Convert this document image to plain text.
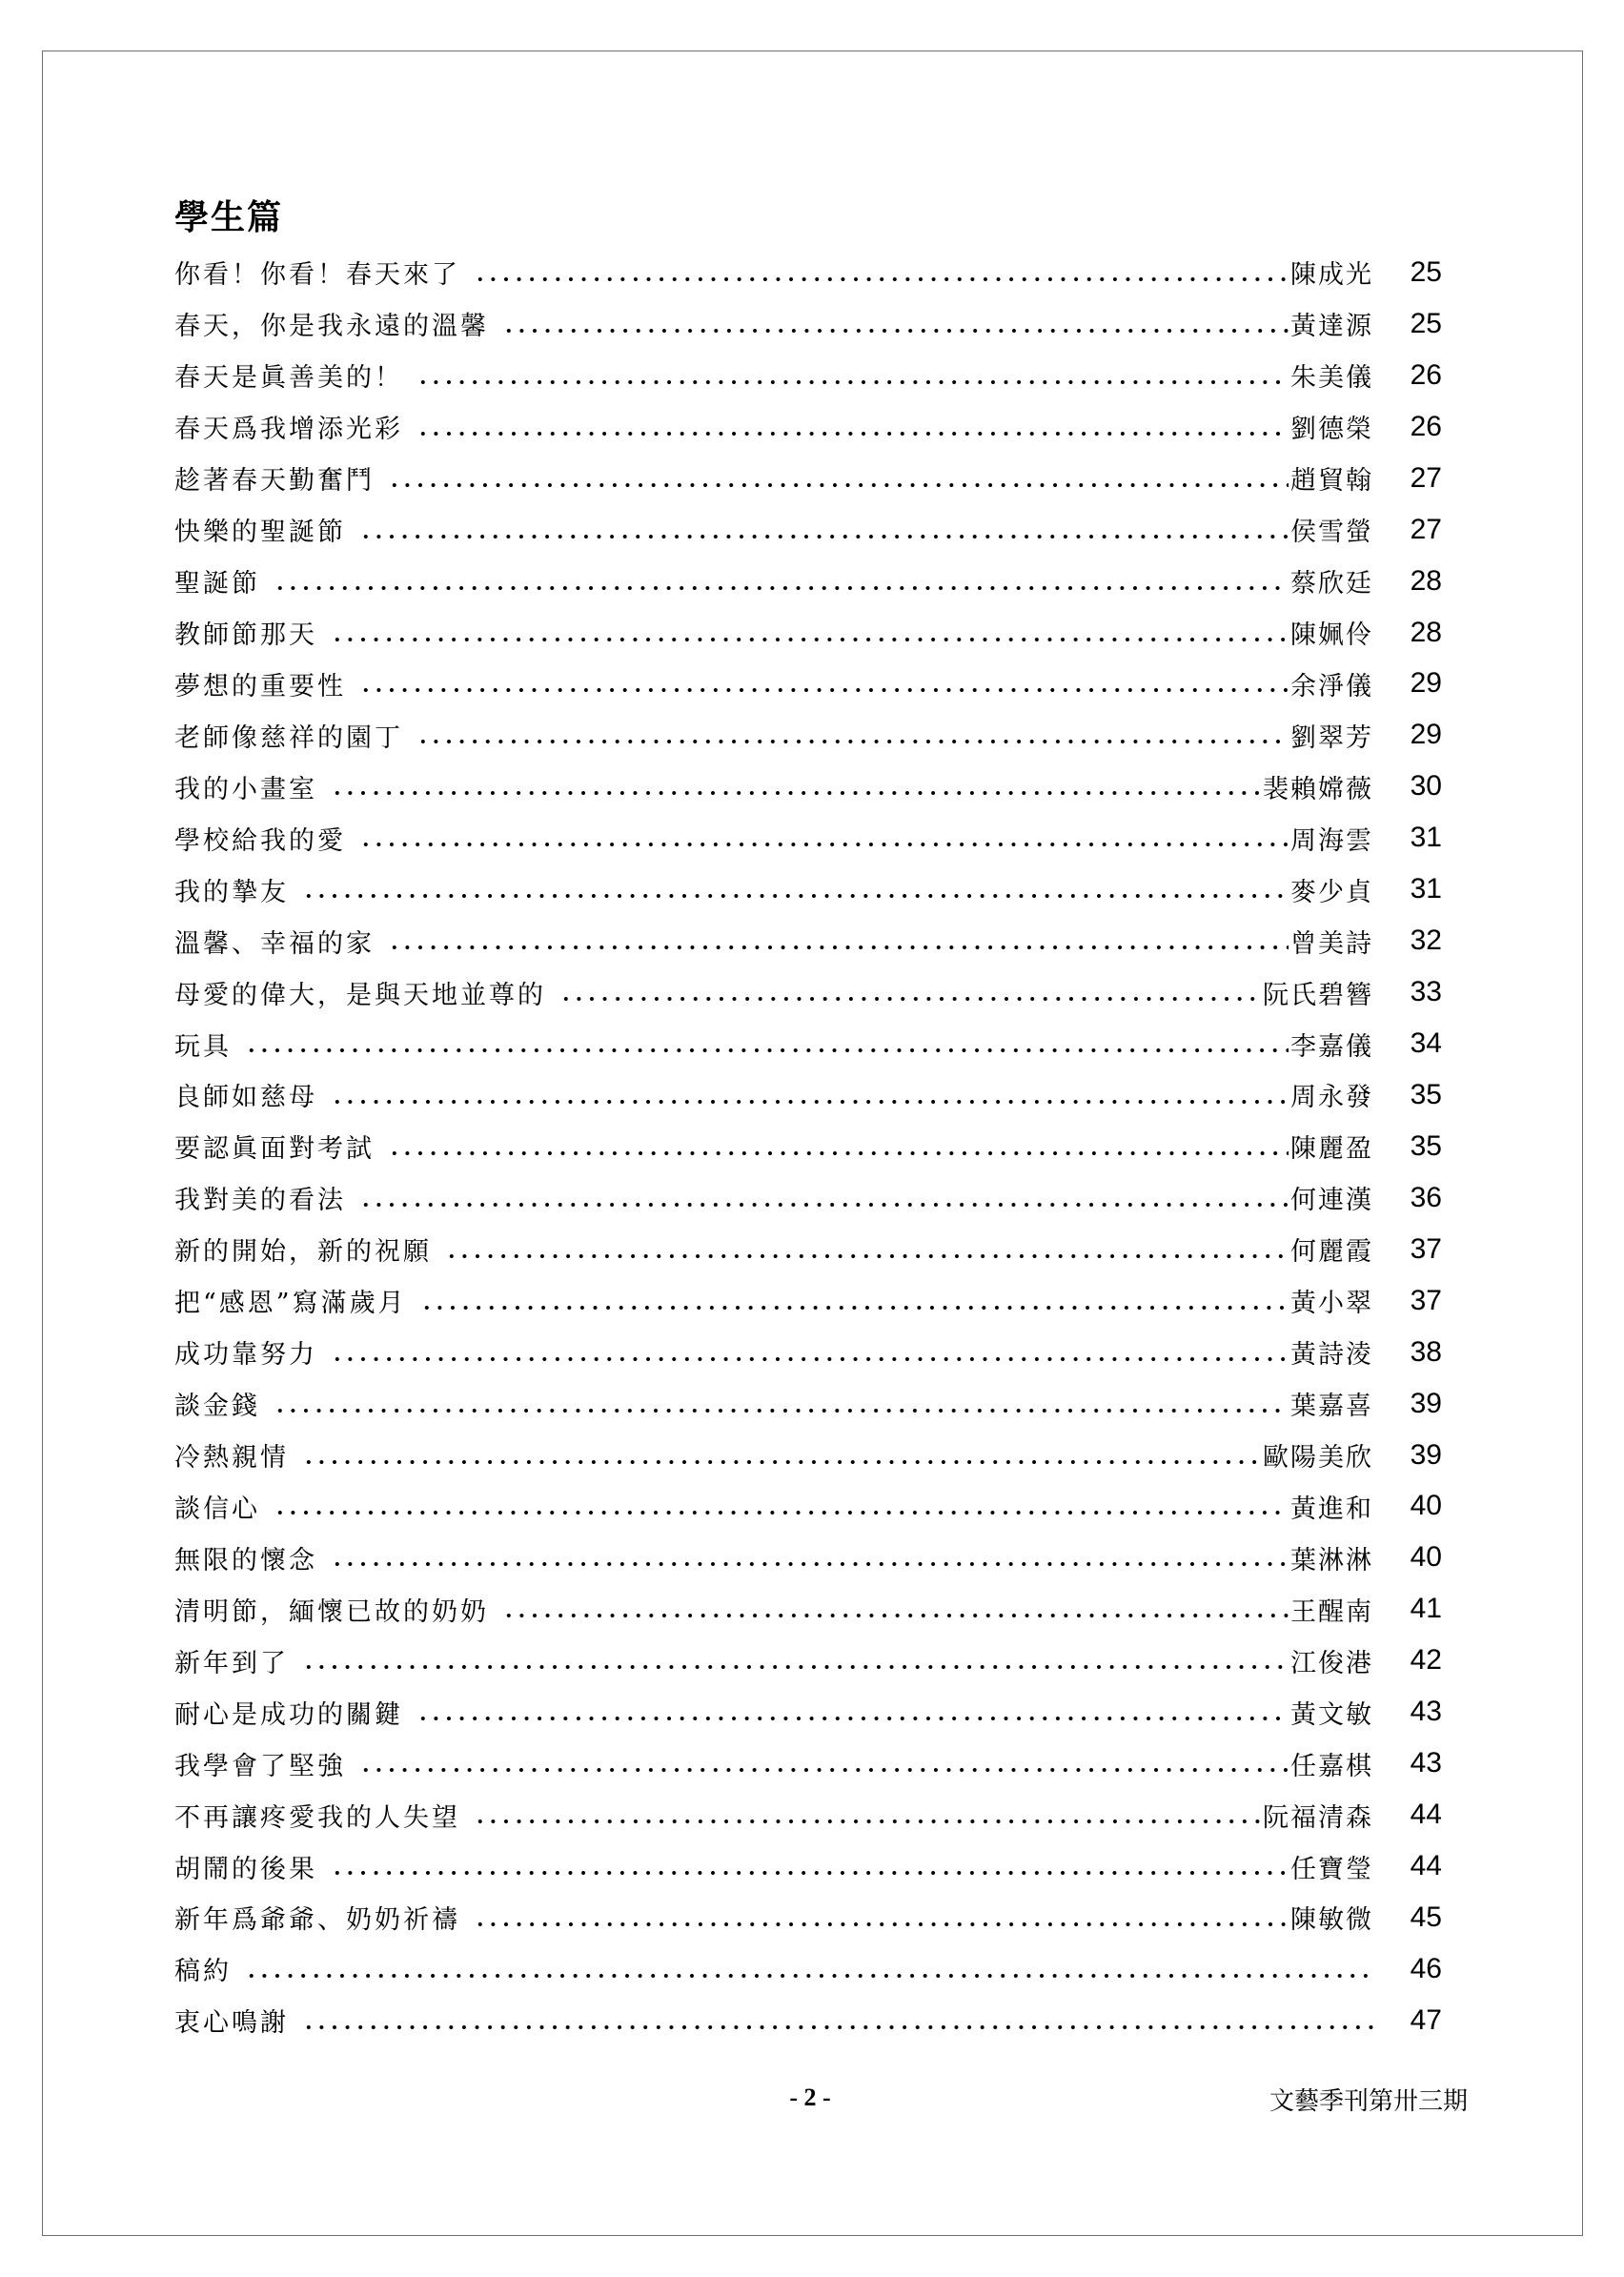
學生篇
你看！你看！春天來了	陳成光	25
春天，你是我永遠的溫馨	黃達源	25
春天是眞善美的！	朱美儀	26
春天爲我增添光彩	劉德榮	26
趁著春天勤奮鬥	趙貿翰	27
快樂的聖誕節	侯雪螢	27
聖誕節	蔡欣廷	28
教師節那天	陳姵伶	28
夢想的重要性	余淨儀	29
老師像慈祥的園丁	劉翠芳	29
我的小畫室	裴賴嫦薇	30
學校給我的愛	周海雲	31
我的摯友	麥少貞	31
溫馨、幸福的家	曾美詩	32
母愛的偉大，是與天地並尊的	阮氏碧簪	33
玩具	李嘉儀	34
良師如慈母	周永發	35
要認眞面對考試	陳麗盈	35
我對美的看法	何連漢	36
新的開始，新的祝願	何麗霞	37
把“感恩”寫滿歲月	黃小翠	37
成功靠努力	黃詩淩	38
談金錢	葉嘉喜	39
冷熱親情	歐陽美欣	39
談信心	黃進和	40
無限的懷念	葉淋淋	40
清明節，緬懷已故的奶奶	王醒南	41
新年到了	江俊港	42
耐心是成功的關鍵	黃文敏	43
我學會了堅強	任嘉棋	43
不再讓疼愛我的人失望	阮福清森	44
胡鬧的後果	任寶瑩	44
新年爲爺爺、奶奶祈禱	陳敏微	45
稿約	46
衷心鳴謝	47
- 2 -	文藝季刊第卅三期
